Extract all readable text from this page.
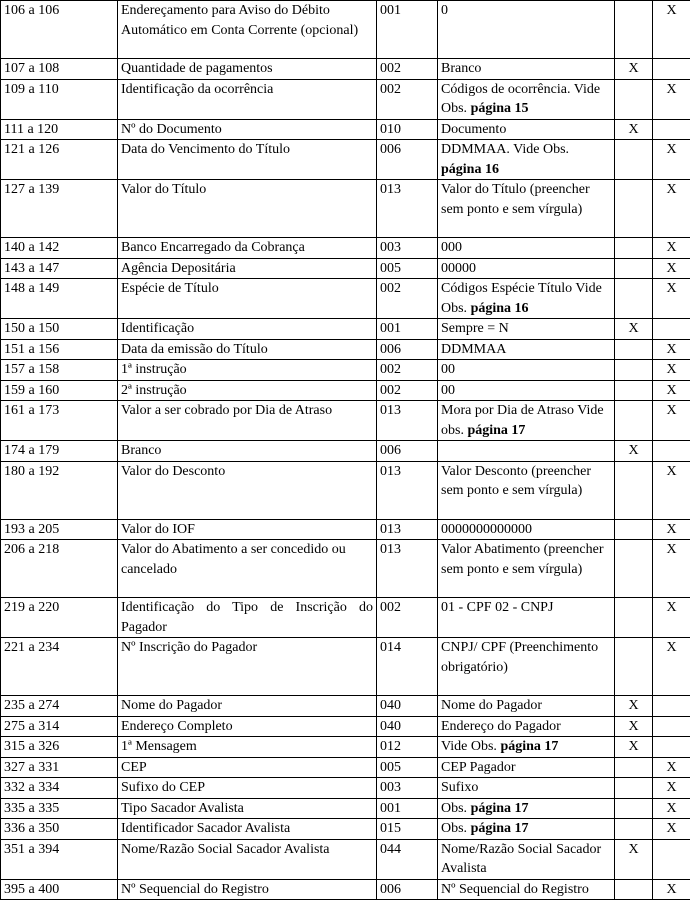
106 a 106	Endereçamento para Aviso do Débito Automático em Conta Corrente (opcional)	001	0		X
107 a 108	Quantidade de pagamentos	002	Branco	X	
109 a 110	Identificação da ocorrência	002	Códigos de ocorrência. Vide Obs. página 15		X
111 a 120	Nº do Documento	010	Documento	X	
121 a 126	Data do Vencimento do Título	006	DDMMAA. Vide Obs. página 16		X
127 a 139	Valor do Título	013	Valor do Título (preencher sem ponto e sem vírgula)		X
140 a 142	Banco Encarregado da Cobrança	003	000		X
143 a 147	Agência Depositária	005	00000		X
148 a 149	Espécie de Título	002	Códigos Espécie Título Vide Obs. página 16		X
150 a 150	Identificação	001	Sempre = N	X	
151 a 156	Data da emissão do Título	006	DDMMAA		X
157 a 158	1ª instrução	002	00		X
159 a 160	2ª instrução	002	00		X
161 a 173	Valor a ser cobrado por Dia de Atraso	013	Mora por Dia de Atraso Vide obs. página 17		X
174 a 179	Branco	006		X	
180 a 192	Valor do Desconto	013	Valor Desconto (preencher sem ponto e sem vírgula)		X
193 a 205	Valor do IOF	013	0000000000000		X
206 a 218	Valor do Abatimento a ser concedido ou cancelado	013	Valor Abatimento (preencher sem ponto e sem vírgula)		X
219 a 220	Identificação do Tipo de Inscrição do Pagador	002	01 - CPF 02 - CNPJ		X
221 a 234	Nº Inscrição do Pagador	014	CNPJ/ CPF (Preenchimento obrigatório)		X
235 a 274	Nome do Pagador	040	Nome do Pagador	X	
275 a 314	Endereço Completo	040	Endereço do Pagador	X	
315 a 326	1ª Mensagem	012	Vide Obs. página 17	X	
327 a 331	CEP	005	CEP Pagador		X
332 a 334	Sufixo do CEP	003	Sufixo		X
335 a 335	Tipo Sacador Avalista	001	Obs. página 17		X
336 a 350	Identificador Sacador Avalista	015	Obs. página 17		X
351 a 394	Nome/Razão Social Sacador Avalista	044	Nome/Razão Social Sacador Avalista	X	
395 a 400	Nº Sequencial do Registro	006	Nº Sequencial do Registro		X
